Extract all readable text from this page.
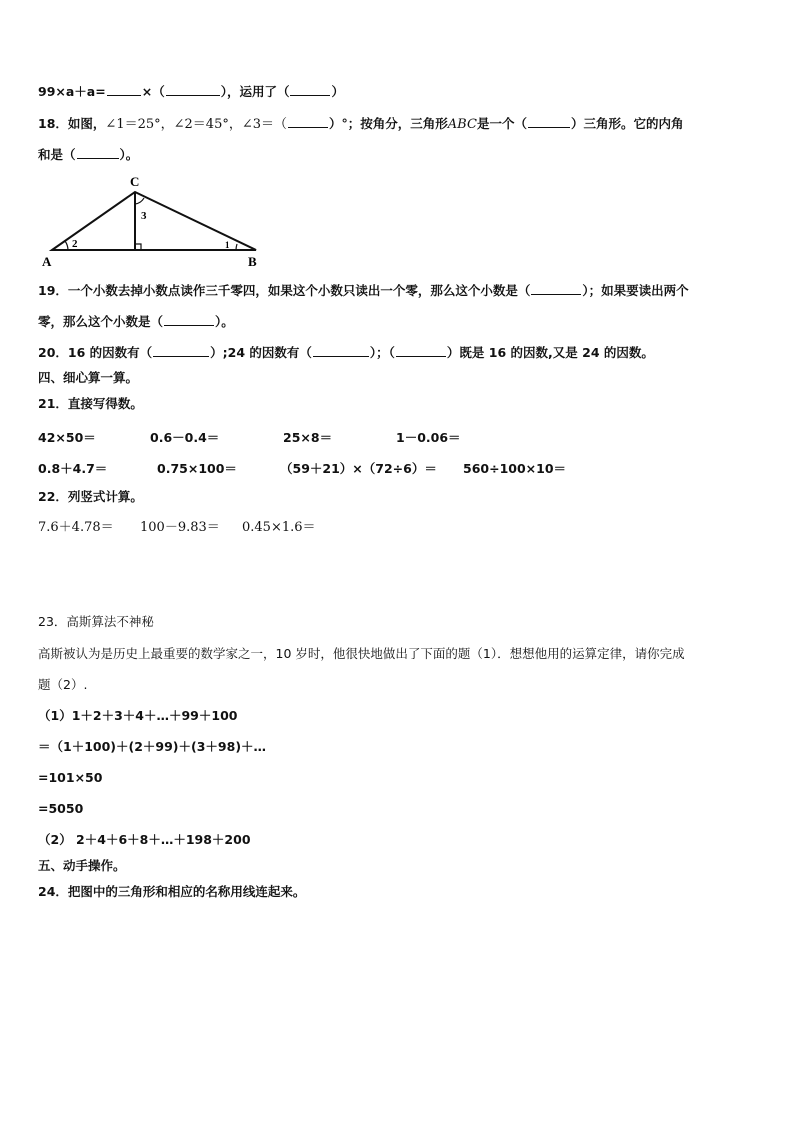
99×a＋a=	×（	），运用了（	）
18．如图，∠1＝25°，∠2＝45°，∠3＝（	）°；按角分，三角形ABC是一个（	）三角形。它的内角
和是（	）。
C
A	B
2
3
1
19．一个小数去掉小数点读作三千零四，如果这个小数只读出一个零，那么这个小数是（	）；如果要读出两个
零，那么这个小数是（	）。
20．16 的因数有（	）;24 的因数有（	）；（	）既是 16 的因数,又是 24 的因数。
四、细心算一算。
21．直接写得数。
42×50＝	0.6－0.4＝	25×8＝	1－0.06＝
0.8＋4.7＝	0.75×100＝	（59＋21）×（72÷6）＝ 560÷100×10＝
22．列竖式计算。
7.6＋4.78＝ 100－9.83＝ 0.45×1.6＝
23．高斯算法不神秘
高斯被认为是历史上最重要的数学家之一，10 岁时，他很快地做出了下面的题（1）．想想他用的运算定律，请你完成
题（2）.
（1）1＋2＋3＋4＋…＋99＋100
＝（1＋100)＋(2＋99)＋(3＋98)＋…
=101×50
=5050
（2） 2＋4＋6＋8＋…＋198＋200
五、动手操作。
24．把图中的三角形和相应的名称用线连起来。
